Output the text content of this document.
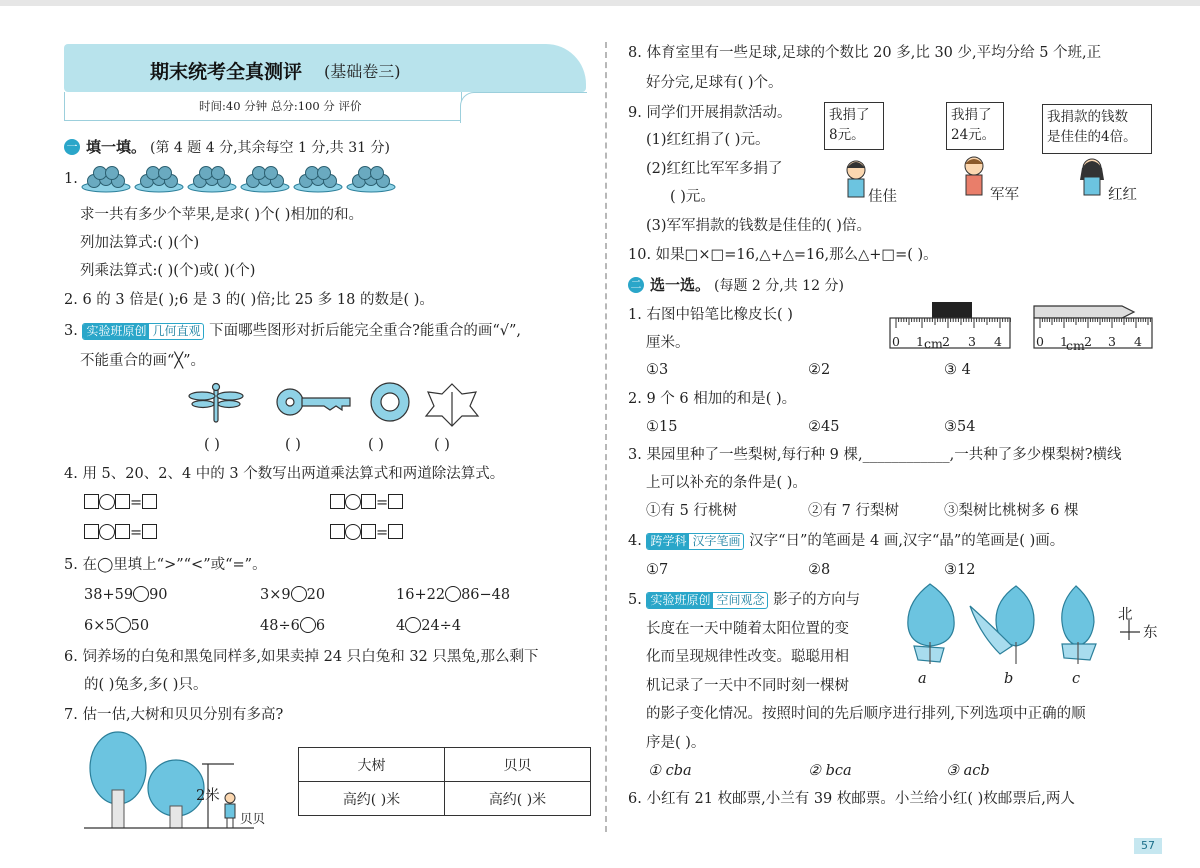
期末统考全真测评 (基础卷三)
时间:40 分钟 总分:100 分 评价
一 填一填。 (第 4 题 4 分,其余每空 1 分,共 31 分)
1.
求一共有多少个苹果,是求( )个( )相加的和。
列加法算式:( )(个)
列乘法算式:( )(个)或( )(个)
2. 6 的 3 倍是( );6 是 3 的( )倍;比 25 多 18 的数是( )。
3. 实验班原创 几何直观 下面哪些图形对折后能完全重合?能重合的画“√”,
不能重合的画“╳”。
( )	( )	( )	( )
4. 用 5、20、2、4 中的 3 个数写出两道乘法算式和两道除法算式。
=	=
=	=
5. 在◯里填上“>”“<”或“=”。
38+59 90	3×9 20	16+22 86−48
6×5 50	48÷6 6	4 24÷4
6. 饲养场的白兔和黑兔同样多,如果卖掉 24 只白兔和 32 只黑兔,那么剩下
的( )兔多,多( )只。
7. 估一估,大树和贝贝分别有多高?
2米
贝贝
大树	贝贝
高约( )米	高约( )米
8. 体育室里有一些足球,足球的个数比 20 多,比 30 少,平均分给 5 个班,正
好分完,足球有( )个。
9. 同学们开展捐款活动。
(1)红红捐了( )元。
(2)红红比军军多捐了
( )元。
(3)军军捐款的钱数是佳佳的( )倍。
我捐了
8元。
我捐了
24元。
我捐款的钱数
是佳佳的4倍。
佳佳	军军	红红
10. 如果□×□=16,△+△=16,那么△+□=( )。
二 选一选。 (每题 2 分,共 12 分)
1. 右图中铅笔比橡皮长( )
厘米。	0 1 cm 2 3 4	0 1
cm 2 3 4
①3	②2	③ 4
2. 9 个 6 相加的和是( )。
①15	②45	③54
3. 果园里种了一些梨树,每行种 9 棵,____________,一共种了多少棵梨树?横线
上可以补充的条件是( )。
①有 5 行桃树	②有 7 行梨树	③梨树比桃树多 6 棵
4. 跨学科 汉字笔画 汉字“日”的笔画是 4 画,汉字“晶”的笔画是( )画。
①7	②8	③12
5. 实验班原创 空间观念 影子的方向与
长度在一天中随着太阳位置的变
化而呈现规律性改变。聪聪用相
机记录了一天中不同时刻一棵树
的影子变化情况。按照时间的先后顺序进行排列,下列选项中正确的顺
序是( )。
北
东
a	b	c
① cba	② bca	③ acb
6. 小红有 21 枚邮票,小兰有 39 枚邮票。小兰给小红( )枚邮票后,两人
57
